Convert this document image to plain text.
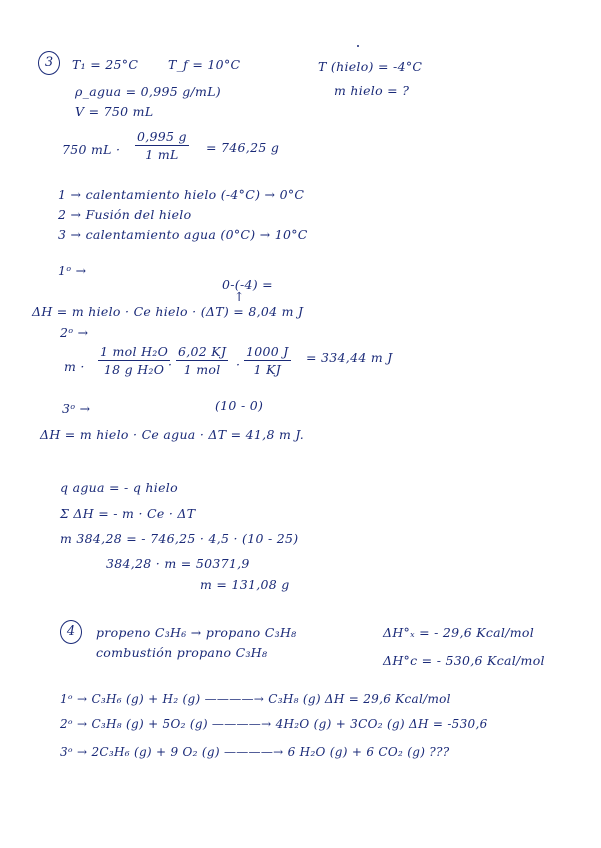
3	T₁ = 25°C T_f = 10°C	T (hielo) = -4°C
m hielo = ?
ρ_agua = 0,995 g/mL)
V = 750 mL
750 mL · $\frac{0,995 g}{1 mL} = 746,25$ g
1 → calentamiento hielo (-4°C) → 0°C
2 → Fusión del hielo
3 → calentamiento agua (0°C) → 10°C
1ᵒ →
0-(-4) =
↑
ΔH = m hielo · Ce hielo · (ΔT) = 8,04 m J
2ᵒ →
m ·
1 mol H₂O
18 g H₂O ·
6,02 KJ
1 mol	· $\frac{1000 J}{1 KJ} = 334,44$ m J
3ᵒ →	(10 - 0)
ΔH = m hielo · Ce agua · ΔT = 41,8 m J.
q agua = - q hielo
Σ ΔH = - m · Ce · ΔT
m 384,28 = - 746,25 · 4,5 · (10 - 25)
384,28 · m = 50371,9
m = 131,08 g
4	propeno C₃H₆ → propano C₃H₈	ΔH°ₓ = - 29,6 Kcal/mol
combustión propano C₃H₈
ΔH°c = - 530,6 Kcal/mol
1ᵒ → C₃H₆ (g) + H₂ (g) ————→ C₃H₈ (g) ΔH = 29,6 Kcal/mol
2ᵒ → C₃H₈ (g) + 5O₂ (g) ————→ 4H₂O (g) + 3CO₂ (g) ΔH = -530,6
3ᵒ → 2C₃H₆ (g) + 9 O₂ (g) ————→ 6 H₂O (g) + 6 CO₂ (g) ???
